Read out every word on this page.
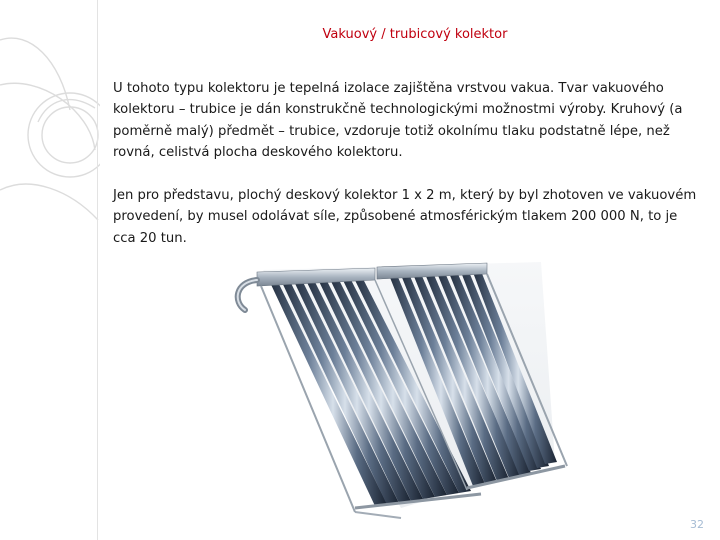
Vakuový / trubicový kolektor

U tohoto typu kolektoru je tepelná izolace zajištěna vrstvou vakua. Tvar vakuového kolektoru – trubice je dán konstrukčně technologickými možnostmi výroby. Kruhový (a poměrně malý) předmět – trubice, vzdoruje totiž okolnímu tlaku podstatně lépe, než rovná, celistvá plocha deskového kolektoru.

Jen pro představu, plochý deskový kolektor 1 x 2 m, který by byl zhotoven ve vakuovém provedení, by musel odolávat síle, způsobené atmosférickým tlakem 200 000 N, to je cca 20 tun.

32
